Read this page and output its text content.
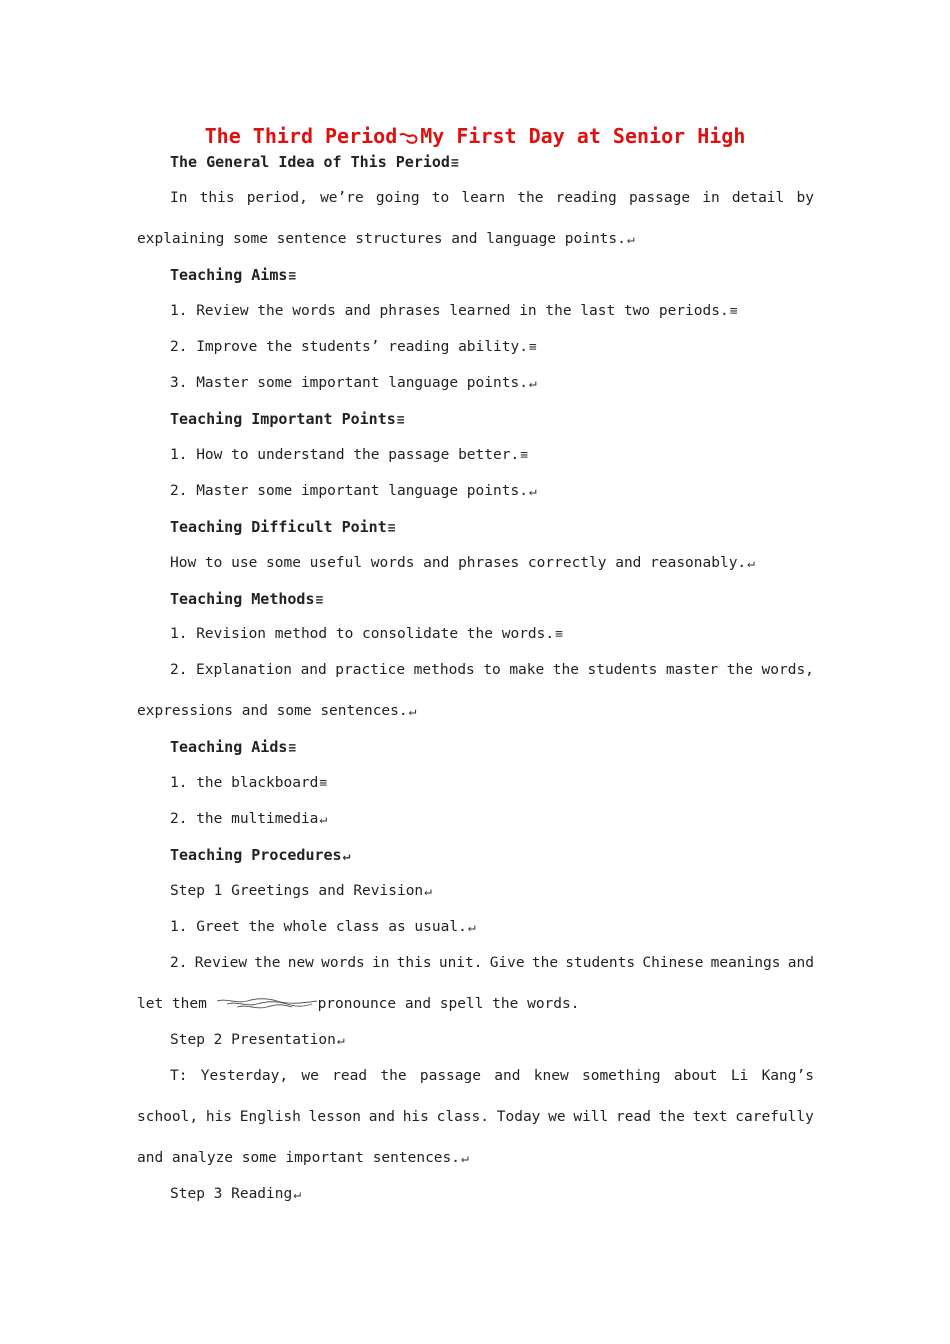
The Third Period My First Day at Senior High
The General Idea of This Period≡
In this period, we’re going to learn the reading passage in detail by
explaining some sentence structures and language points.↵
Teaching Aims≡
1. Review the words and phrases learned in the last two periods.≡
2. Improve the students’ reading ability.≡
3. Master some important language points.↵
Teaching Important Points≡
1. How to understand the passage better.≡
2. Master some important language points.↵
Teaching Difficult Point≡
How to use some useful words and phrases correctly and reasonably.↵
Teaching Methods≡
1. Revision method to consolidate the words.≡
2. Explanation and practice methods to make the students master the words,
expressions and some sentences.↵
Teaching Aids≡
1. the blackboard≡
2. the multimedia↵
Teaching Procedures↵
Step 1 Greetings and Revision↵
1. Greet the whole class as usual.↵
2. Review the new words in this unit. Give the students Chinese meanings and
let them	pronounce and spell the words.
Step 2 Presentation↵
T: Yesterday, we read the passage and knew something about Li Kang’s
school, his English lesson and his class. Today we will read the text carefully
and analyze some important sentences.↵
Step 3 Reading↵
